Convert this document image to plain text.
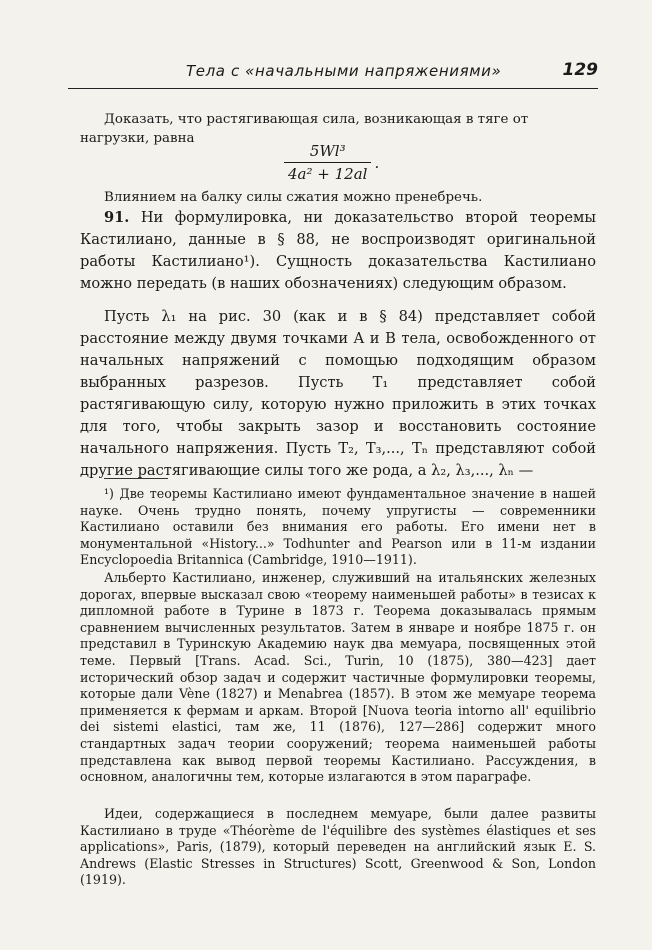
Тела с «начальными напряжениями»	129
Доказать, что растягивающая сила, возникающая в тяге от нагрузки, равна
$\frac{\text{5Wl³}}{\text{4a² + 12al}}$ .
Влиянием на балку силы сжатия можно пренебречь.
91. Ни формулировка, ни доказательство второй теоремы Кастилиано, данные в § 88, не воспроизводят оригинальной работы Кастилиано¹). Сущность доказательства Кастилиано можно передать (в наших обозначениях) следующим образом.
Пусть λ₁ на рис. 30 (как и в § 84) представляет собой расстояние между двумя точками A и B тела, освобожденного от начальных напряжений с помощью подходящим образом выбранных разрезов. Пусть T₁ представляет собой растягивающую силу, которую нужно приложить в этих точках для того, чтобы закрыть зазор и восстановить состояние начального напряжения. Пусть T₂, T₃,..., Tₙ представляют собой другие растягивающие силы того же рода, а λ₂, λ₃,..., λₙ —
¹) Две теоремы Кастилиано имеют фундаментальное значение в нашей науке. Очень трудно понять, почему упругисты — современники Кастилиано оставили без внимания его работы. Его имени нет в монументальной «History...» Todhunter and Pearson или в 11-м издании Encyclopoedia Britannica (Cambridge, 1910—1911).
Альберто Кастилиано, инженер, служивший на итальянских железных дорогах, впервые высказал свою «теорему наименьшей работы» в тезисах к дипломной работе в Турине в 1873 г. Теорема доказывалась прямым сравнением вычисленных результатов. Затем в январе и ноябре 1875 г. он представил в Туринскую Академию наук два мемуара, посвященных этой теме. Первый [Trans. Acad. Sci., Turin, 10 (1875), 380—423] дает исторический обзор задач и содержит частичные формулировки теоремы, которые дали Vène (1827) и Menabrea (1857). В этом же мемуаре теорема применяется к фермам и аркам. Второй [Nuova teoria intorno all' equilibrio dei sistemi elastici, там же, 11 (1876), 127—286] содержит много стандартных задач теории сооружений; теорема наименьшей работы представлена как вывод первой теоремы Кастилиано. Рассуждения, в основном, аналогичны тем, которые излагаются в этом параграфе.
Идеи, содержащиеся в последнем мемуаре, были далее развиты Кастилиано в труде «Théorème de l'équilibre des systèmes élastiques et ses applications», Paris, (1879), который переведен на английский язык E. S. Andrews (Elastic Stresses in Structures) Scott, Greenwood & Son, London (1919).
